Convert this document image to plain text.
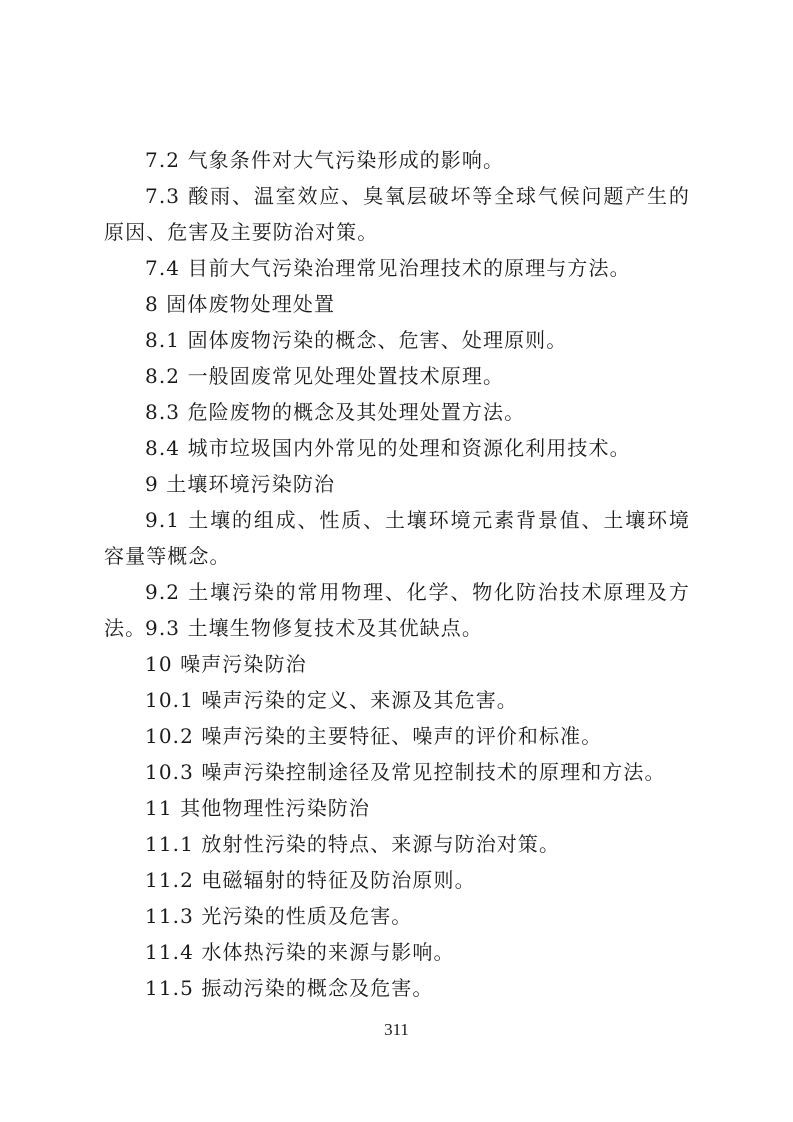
7.2 气象条件对大气污染形成的影响。
7.3 酸雨、温室效应、臭氧层破坏等全球气候问题产生的原因、危害及主要防治对策。
7.4 目前大气污染治理常见治理技术的原理与方法。
8 固体废物处理处置
8.1 固体废物污染的概念、危害、处理原则。
8.2 一般固废常见处理处置技术原理。
8.3 危险废物的概念及其处理处置方法。
8.4 城市垃圾国内外常见的处理和资源化利用技术。
9 土壤环境污染防治
9.1 土壤的组成、性质、土壤环境元素背景值、土壤环境容量等概念。
9.2 土壤污染的常用物理、化学、物化防治技术原理及方法。
9.3 土壤生物修复技术及其优缺点。
10 噪声污染防治
10.1 噪声污染的定义、来源及其危害。
10.2 噪声污染的主要特征、噪声的评价和标准。
10.3 噪声污染控制途径及常见控制技术的原理和方法。
11 其他物理性污染防治
11.1 放射性污染的特点、来源与防治对策。
11.2 电磁辐射的特征及防治原则。
11.3 光污染的性质及危害。
11.4 水体热污染的来源与影响。
11.5 振动污染的概念及危害。
311
